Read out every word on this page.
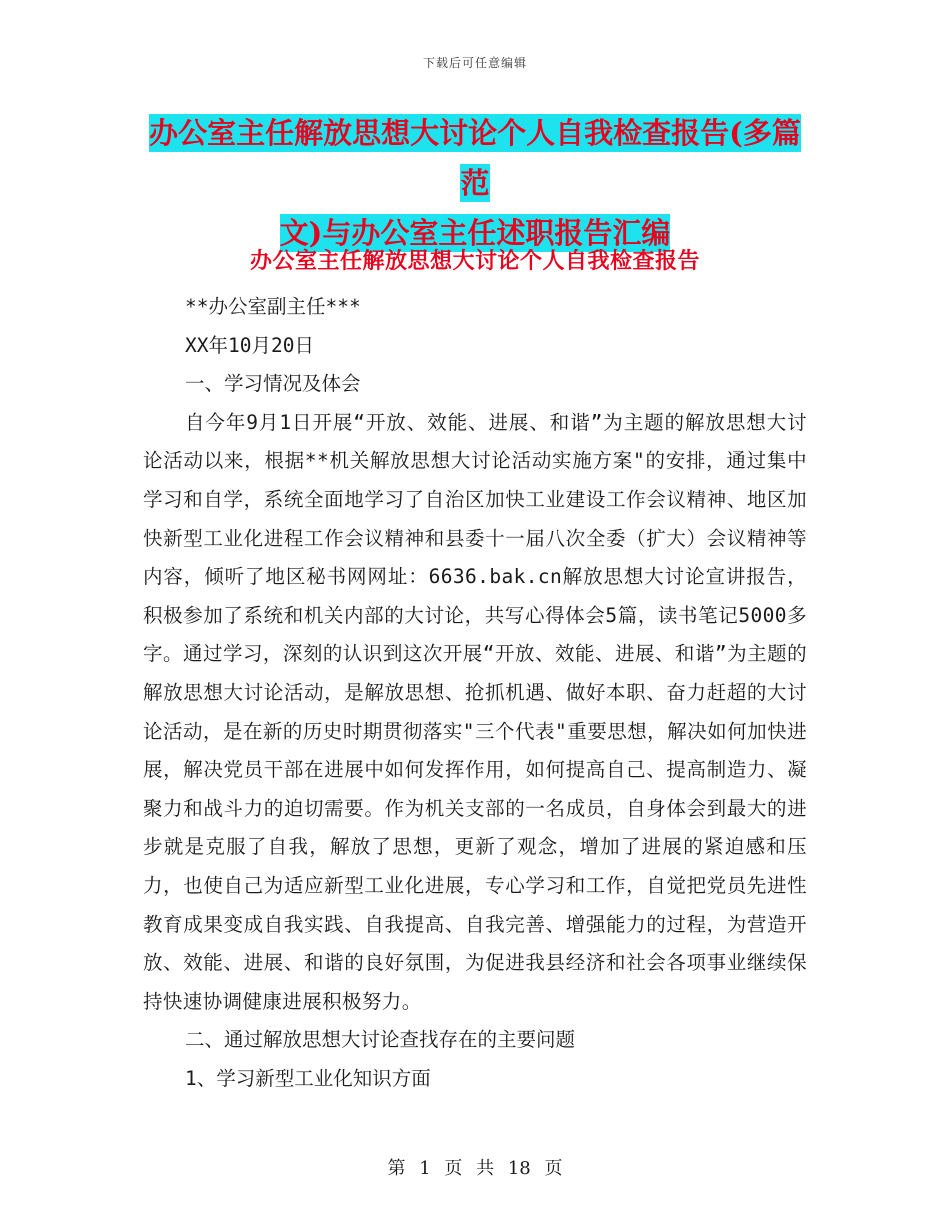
下载后可任意编辑
办公室主任解放思想大讨论个人自我检查报告(多篇范
文)与办公室主任述职报告汇编
办公室主任解放思想大讨论个人自我检查报告

**办公室副主任***

XX年10月20日

一、学习情况及体会

自今年9月1日开展“开放、效能、进展、和谐”为主题的解放思想大讨论活动以来，根据**机关解放思想大讨论活动实施方案"的安排，通过集中学习和自学，系统全面地学习了自治区加快工业建设工作会议精神、地区加快新型工业化进程工作会议精神和县委十一届八次全委（扩大）会议精神等内容，倾听了地区秘书网网址：6636.bak.cn解放思想大讨论宣讲报告，积极参加了系统和机关内部的大讨论，共写心得体会5篇，读书笔记5000多字。通过学习，深刻的认识到这次开展“开放、效能、进展、和谐”为主题的解放思想大讨论活动，是解放思想、抢抓机遇、做好本职、奋力赶超的大讨论活动，是在新的历史时期贯彻落实"三个代表"重要思想，解决如何加快进展，解决党员干部在进展中如何发挥作用，如何提高自己、提高制造力、凝聚力和战斗力的迫切需要。作为机关支部的一名成员，自身体会到最大的进步就是克服了自我，解放了思想，更新了观念，增加了进展的紧迫感和压力，也使自己为适应新型工业化进展，专心学习和工作，自觉把党员先进性教育成果变成自我实践、自我提高、自我完善、增强能力的过程，为营造开放、效能、进展、和谐的良好氛围，为促进我县经济和社会各项事业继续保持快速协调健康进展积极努力。

二、通过解放思想大讨论查找存在的主要问题

1、学习新型工业化知识方面

第 1 页 共 18 页
